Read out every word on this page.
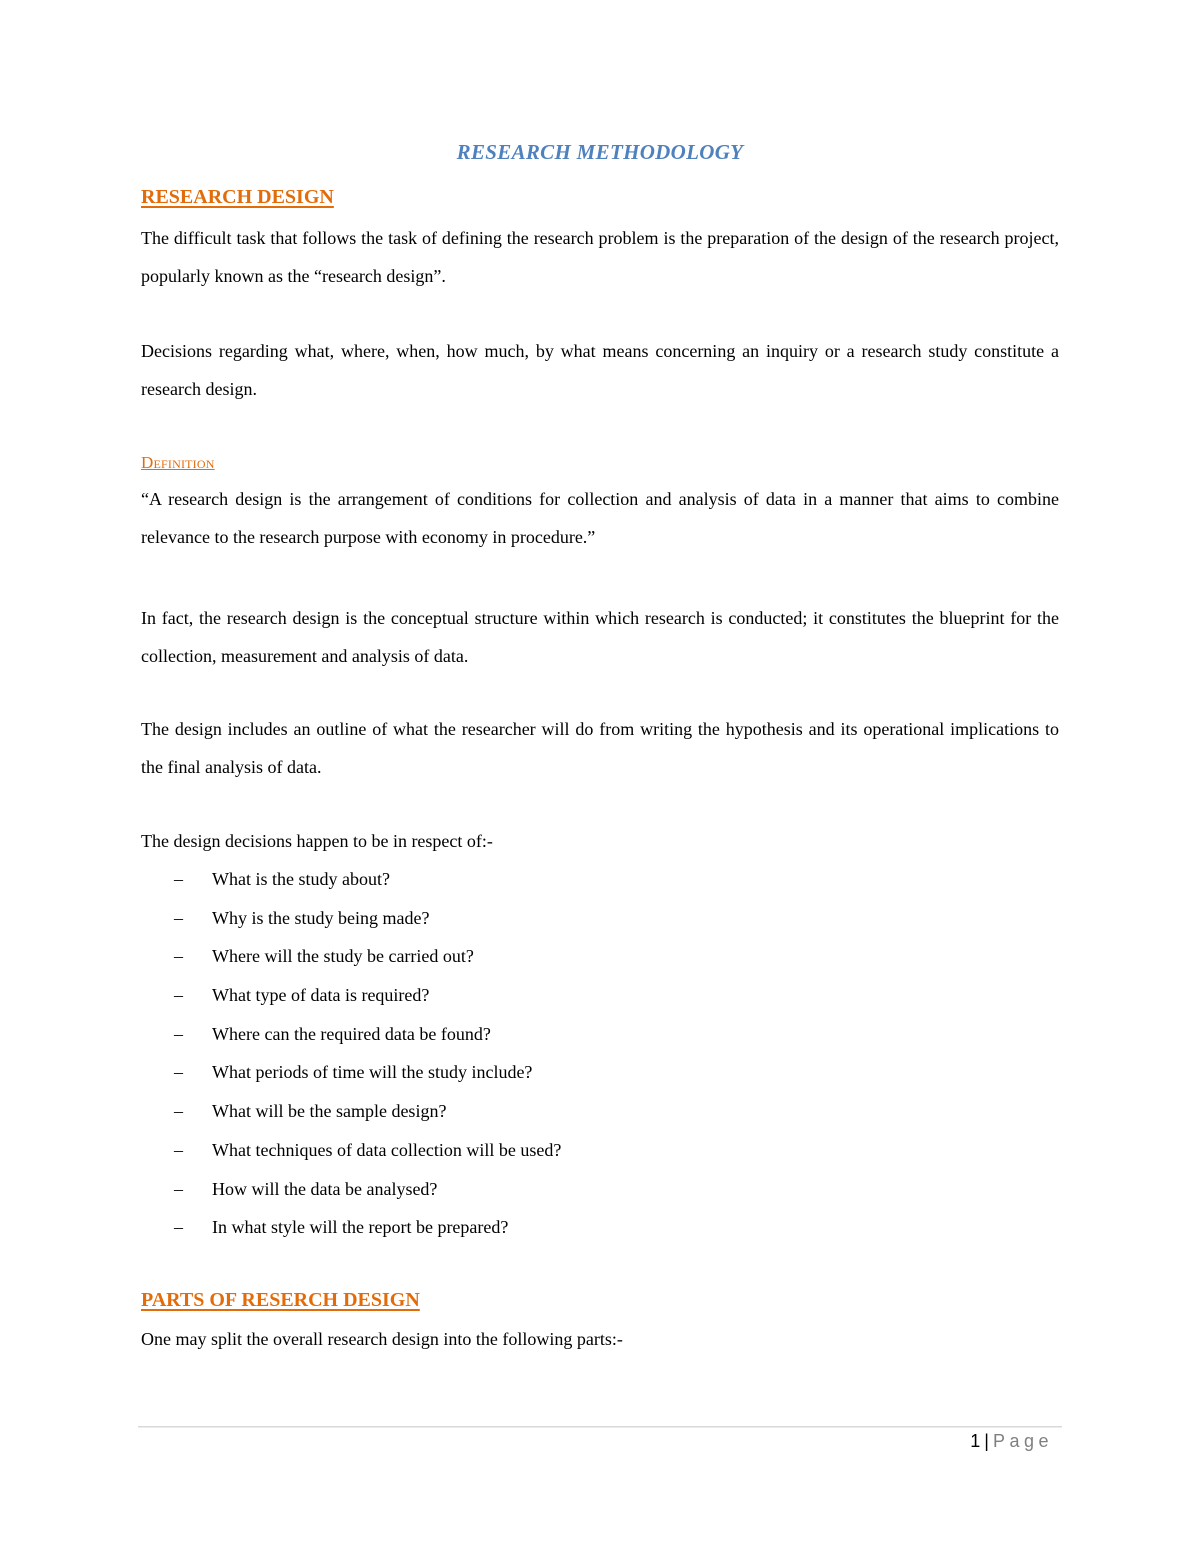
RESEARCH METHODOLOGY
RESEARCH DESIGN
The difficult task that follows the task of defining the research problem is the preparation of the design of the research project, popularly known as the “research design”.
Decisions regarding what, where, when, how much, by what means concerning an inquiry or a research study constitute a research design.
Definition
“A research design is the arrangement of conditions for collection and analysis of data in a manner that aims to combine relevance to the research purpose with economy in procedure.”
In fact, the research design is the conceptual structure within which research is conducted; it constitutes the blueprint for the collection, measurement and analysis of data.
The design includes an outline of what the researcher will do from writing the hypothesis and its operational implications to the final analysis of data.
The design decisions happen to be in respect of:-
– What is the study about?
– Why is the study being made?
– Where will the study be carried out?
– What type of data is required?
– Where can the required data be found?
– What periods of time will the study include?
– What will be the sample design?
– What techniques of data collection will be used?
– How will the data be analysed?
– In what style will the report be prepared?
PARTS OF RESERCH DESIGN
One may split the overall research design into the following parts:-
1 | Page
